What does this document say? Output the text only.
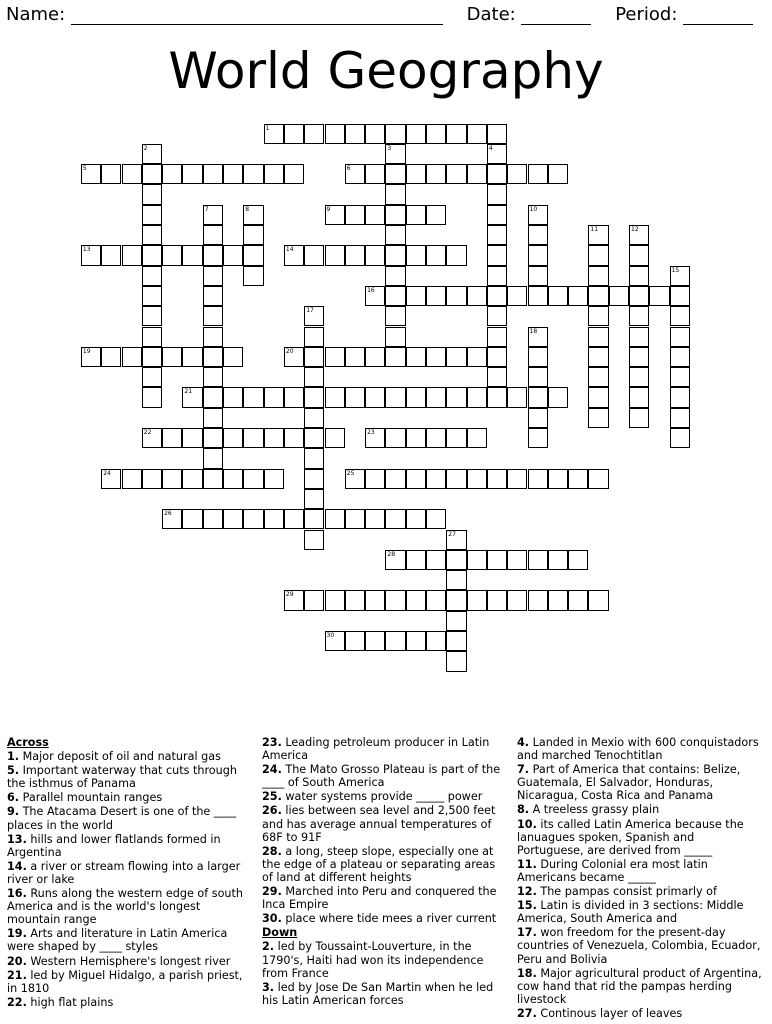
Name:	Date:	Period:
World Geography
1
5	6
2	3	4
7	8	9	10
11	12
13	14
15
16
17
18
19	20
21
22	23
24	25
26
27
28
29
30
Across
1. Major deposit of oil and natural gas
5. Important waterway that cuts through the isthmus of Panama
6. Parallel mountain ranges
9. The Atacama Desert is one of the ____ places in the world
13. hills and lower flatlands formed in Argentina
14. a river or stream flowing into a larger river or lake
16. Runs along the western edge of south America and is the world's longest mountain range
19. Arts and literature in Latin America were shaped by ____ styles
20. Western Hemisphere's longest river
21. led by Miguel Hidalgo, a parish priest, in 1810
22. high flat plains
23. Leading petroleum producer in Latin America
24. The Mato Grosso Plateau is part of the ____ of South America
25. water systems provide _____ power
26. lies between sea level and 2,500 feet and has average annual temperatures of 68F to 91F
28. a long, steep slope, especially one at the edge of a plateau or separating areas of land at different heights
29. Marched into Peru and conquered the Inca Empire
30. place where tide mees a river current
Down
2. led by Toussaint-Louverture, in the 1790's, Haiti had won its independence from France
3. led by Jose De San Martin when he led his Latin American forces
4. Landed in Mexio with 600 conquistadors and marched Tenochtitlan
7. Part of America that contains: Belize, Guatemala, El Salvador, Honduras, Nicaragua, Costa Rica and Panama
8. A treeless grassy plain
10. its called Latin America because the lanuagues spoken, Spanish and Portuguese, are derived from _____
11. During Colonial era most latin Americans became _____
12. The pampas consist primarly of
15. Latin is divided in 3 sections: Middle America, South America and
17. won freedom for the present-day countries of Venezuela, Colombia, Ecuador, Peru and Bolivia
18. Major agricultural product of Argentina, cow hand that rid the pampas herding livestock
27. Continous layer of leaves
